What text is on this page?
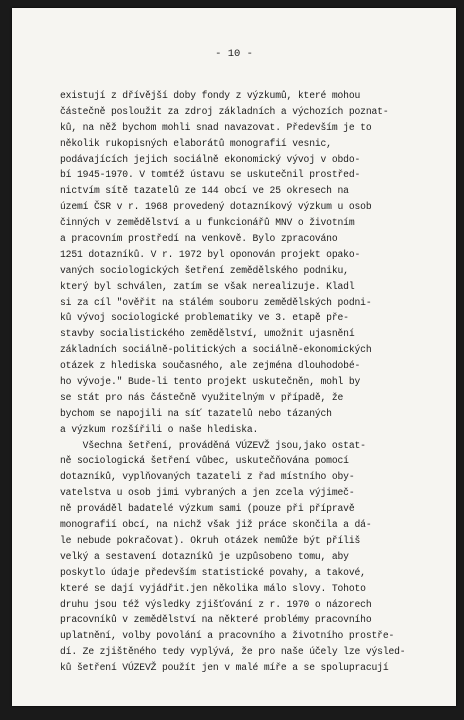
- 10 -
existují z dřívější doby fondy z výzkumů, které mohou
částečně posloužit za zdroj základních a výchozích poznat-
ků, na něž bychom mohli snad navazovat. Především je to
několik rukopisných elaborátů monografií vesnic,
podávajících jejich sociálně ekonomický vývoj v obdo-
bí 1945-1970. V tomtéž ústavu se uskutečnil prostřed-
nictvím sítě tazatelů ze 144 obcí ve 25 okresech na
území ČSR v r. 1968 provedený dotazníkový výzkum u osob
činných v zemědělství a u funkcionářů MNV o životním
a pracovním prostředí na venkově. Bylo zpracováno
1251 dotazníků. V r. 1972 byl oponován projekt opako-
vaných sociologických šetření zemědělského podniku,
který byl schválen, zatím se však nerealizuje. Kladl
si za cíl "ověřit na stálém souboru zemědělských podni-
ků vývoj sociologické problematiky ve 3. etapě pře-
stavby socialistického zemědělství, umožnit ujasnění
základních sociálně-politických a sociálně-ekonomických
otázek z hlediska současného, ale zejména dlouhodobé-
ho vývoje." Bude-li tento projekt uskutečněn, mohl by
se stát pro nás částečně využitelným v případě, že
bychom se napojili na síť tazatelů nebo tázaných
a výzkum rozšířili o naše hlediska.
Všechna šetření, prováděná VÚZEVŽ jsou,jako ostat-
ně sociologická šetření vůbec, uskutečňována pomocí
dotazníků, vyplňovaných tazateli z řad místního oby-
vatelstva u osob jimi vybraných a jen zcela výjimeč-
ně prováděl badatelé výzkum sami (pouze při přípravě
monografií obcí, na nichž však již práce skončila a dá-
le nebude pokračovat). Okruh otázek nemůže být příliš
velký a sestavení dotazníků je uzpůsobeno tomu, aby
poskytlo údaje především statistické povahy, a takové,
které se dají vyjádřit.jen několika málo slovy. Tohoto
druhu jsou též výsledky zjišťování z r. 1970 o názorech
pracovníků v zemědělství na některé problémy pracovního
uplatnění, volby povolání a pracovního a životního prostře-
dí. Ze zjištěného tedy vyplývá, že pro naše účely lze výsled-
ků šetření VÚZEVŽ použít jen v malé míře a se spolupracují
